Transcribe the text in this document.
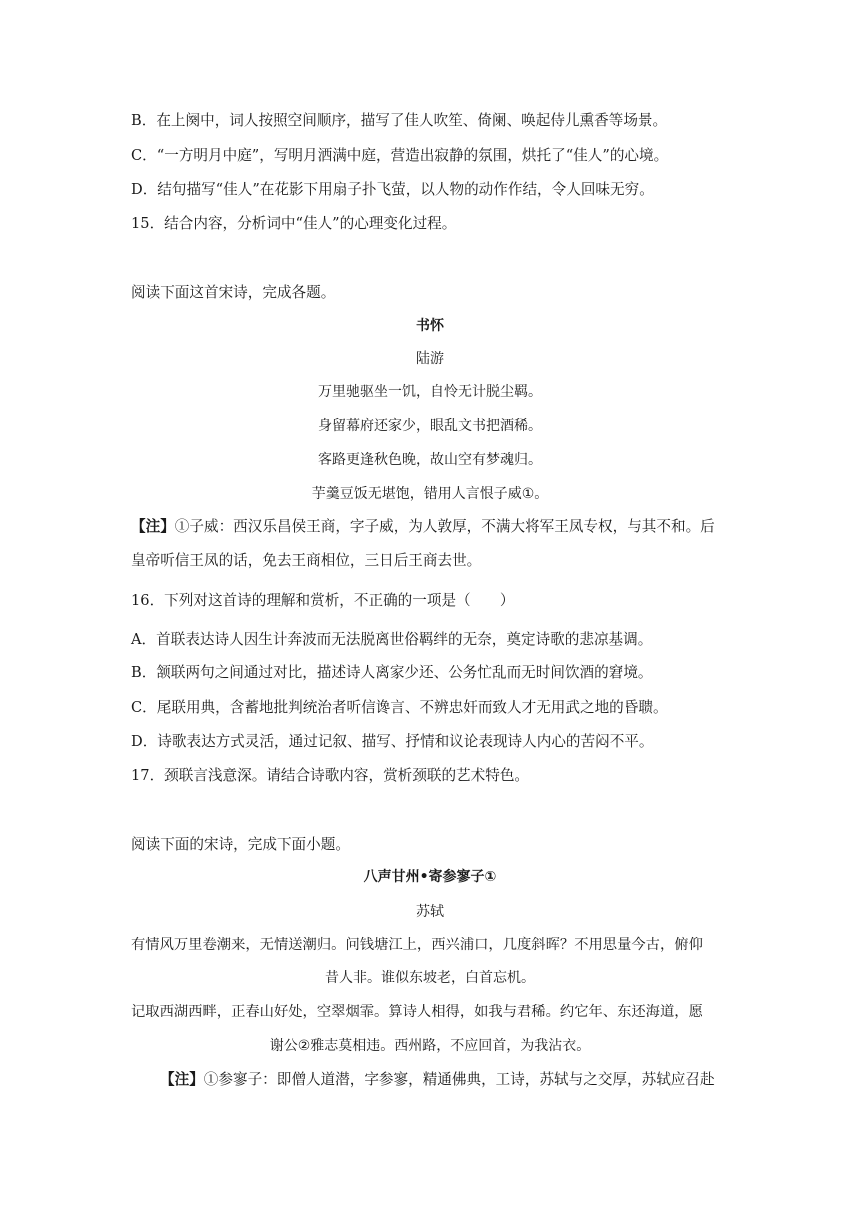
B．在上阕中，词人按照空间顺序，描写了佳人吹笙、倚阑、唤起侍儿熏香等场景。
C．“一方明月中庭”，写明月洒满中庭，营造出寂静的氛围，烘托了“佳人”的心境。
D．结句描写“佳人”在花影下用扇子扑飞萤，以人物的动作作结，令人回味无穷。
15．结合内容，分析词中“佳人”的心理变化过程。
阅读下面这首宋诗，完成各题。
书怀
陆游
万里驰驱坐一饥，自怜无计脱尘羁。
身留幕府还家少，眼乱文书把酒稀。
客路更逢秋色晚，故山空有梦魂归。
芋羹豆饭无堪饱，错用人言恨子威①。
【注】①子威：西汉乐昌侯王商，字子威，为人敦厚，不满大将军王凤专权，与其不和。后
皇帝听信王凤的话，免去王商相位，三日后王商去世。
16．下列对这首诗的理解和赏析，不正确的一项是（　　）
A．首联表达诗人因生计奔波而无法脱离世俗羁绊的无奈，奠定诗歌的悲凉基调。
B．颔联两句之间通过对比，描述诗人离家少还、公务忙乱而无时间饮酒的窘境。
C．尾联用典，含蓄地批判统治者听信谗言、不辨忠奸而致人才无用武之地的昏聩。
D．诗歌表达方式灵活，通过记叙、描写、抒情和议论表现诗人内心的苦闷不平。
17．颈联言浅意深。请结合诗歌内容，赏析颈联的艺术特色。
阅读下面的宋诗，完成下面小题。
八声甘州•寄参寥子①
苏轼
有情风万里卷潮来，无情送潮归。问钱塘江上，西兴浦口，几度斜晖？不用思量今古，俯仰
昔人非。谁似东坡老，白首忘机。
记取西湖西畔，正春山好处，空翠烟霏。算诗人相得，如我与君稀。约它年、东还海道，愿
谢公②雅志莫相违。西州路，不应回首，为我沾衣。
【注】①参寥子：即僧人道潜，字参寥，精通佛典，工诗，苏轼与之交厚，苏轼应召赴
